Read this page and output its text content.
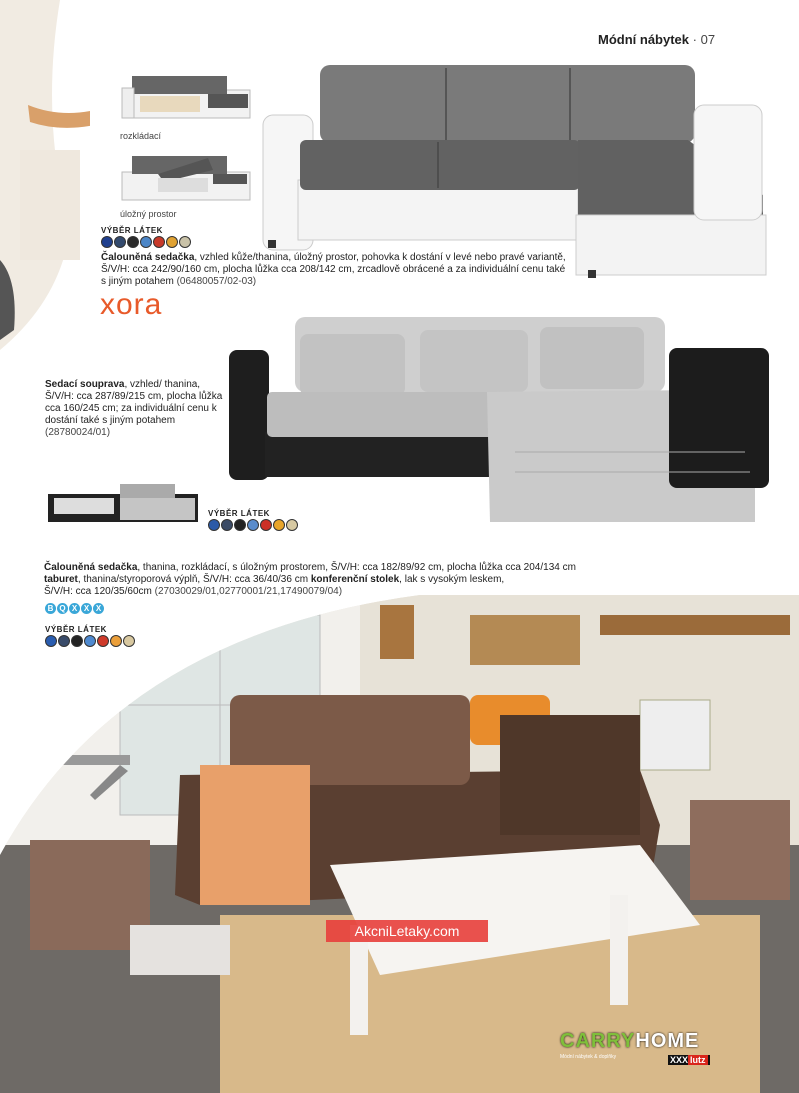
Módní nábytek · 07
rozkládací
úložný prostor
VÝBĚR LÁTEK
Čalouněná sedačka, vzhled kůže/thanina, úložný prostor, pohovka k dostání v levé nebo pravé variantě, Š/V/H: cca 242/90/160 cm, plocha lůžka cca 208/142 cm, zrcadlově obrácené a za individuální cenu také s jiným potahem (06480057/02-03)
xora
Sedací souprava, vzhled/ thanina, Š/V/H: cca 287/89/215 cm, plocha lůžka cca 160/245 cm; za individuální cenu k dostání také s jiným potahem (28780024/01)
VÝBĚR LÁTEK
Čalouněná sedačka, thanina, rozkládací, s úložným prostorem, Š/V/H: cca 182/89/92 cm, plocha lůžka cca 204/134 cm
taburet, thanina/styroporová výplň, Š/V/H: cca 36/40/36 cm konferenční stolek, lak s vysokým leskem,
Š/V/H: cca 120/35/60cm (27030029/01,02770001/21,17490079/04)
B Q X X X
VÝBĚR LÁTEK
AkcniLetaky.com
CARRYHOME
Módní nábytek & doplňky	XXX lutz
